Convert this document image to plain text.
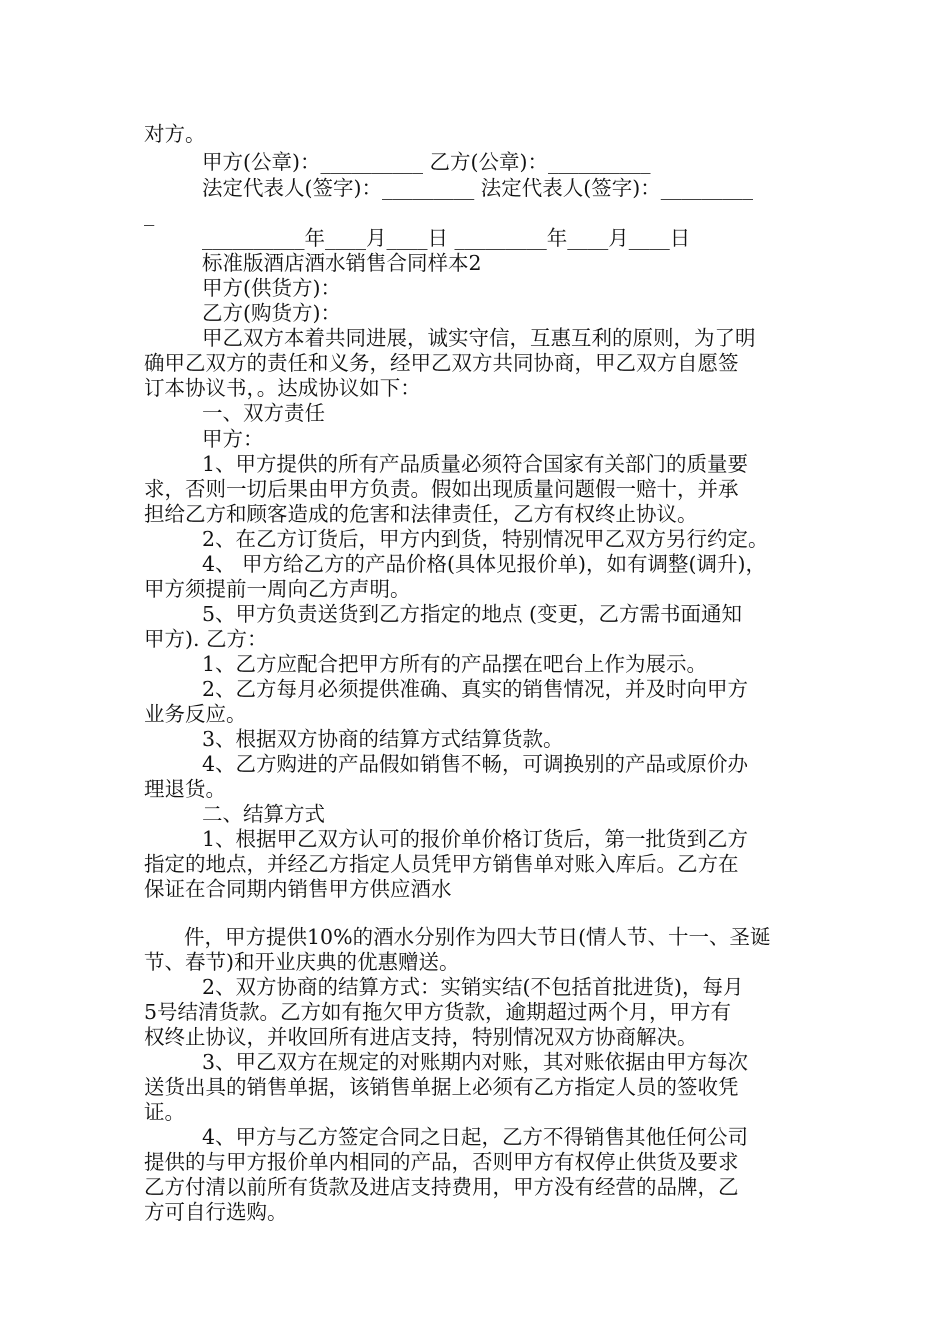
对方。
甲方(公章)：__________ 乙方(公章)：__________
法定代表人(签字)：_________ 法定代表人(签字)：_________
_
__________年____月____日 _________年____月____日
标准版酒店酒水销售合同样本2
甲方(供货方)：
乙方(购货方)：
甲乙双方本着共同进展，诚实守信，互惠互利的原则，为了明
确甲乙双方的责任和义务，经甲乙双方共同协商，甲乙双方自愿签
订本协议书，。达成协议如下：
一、双方责任
甲方：
1、甲方提供的所有产品质量必须符合国家有关部门的质量要
求，否则一切后果由甲方负责。假如出现质量问题假一赔十，并承
担给乙方和顾客造成的危害和法律责任，乙方有权终止协议。
2、在乙方订货后，甲方内到货，特别情况甲乙双方另行约定。
4、 甲方给乙方的产品价格(具体见报价单)，如有调整(调升)，
甲方须提前一周向乙方声明。
5、甲方负责送货到乙方指定的地点 (变更，乙方需书面通知
甲方). 乙方：
1、乙方应配合把甲方所有的产品摆在吧台上作为展示。
2、乙方每月必须提供准确、真实的销售情况，并及时向甲方
业务反应。
3、根据双方协商的结算方式结算货款。
4、乙方购进的产品假如销售不畅，可调换别的产品或原价办
理退货。
二、结算方式
1、根据甲乙双方认可的报价单价格订货后，第一批货到乙方
指定的地点，并经乙方指定人员凭甲方销售单对账入库后。乙方在
保证在合同期内销售甲方供应酒水
件，甲方提供10%的酒水分别作为四大节日(情人节、十一、圣诞
节、春节)和开业庆典的优惠赠送。
2、双方协商的结算方式：实销实结(不包括首批进货)，每月
5号结清货款。乙方如有拖欠甲方货款，逾期超过两个月，甲方有
权终止协议，并收回所有进店支持，特别情况双方协商解决。
3、甲乙双方在规定的对账期内对账，其对账依据由甲方每次
送货出具的销售单据，该销售单据上必须有乙方指定人员的签收凭
证。
4、甲方与乙方签定合同之日起，乙方不得销售其他任何公司
提供的与甲方报价单内相同的产品，否则甲方有权停止供货及要求
乙方付清以前所有货款及进店支持费用，甲方没有经营的品牌，乙
方可自行选购。
